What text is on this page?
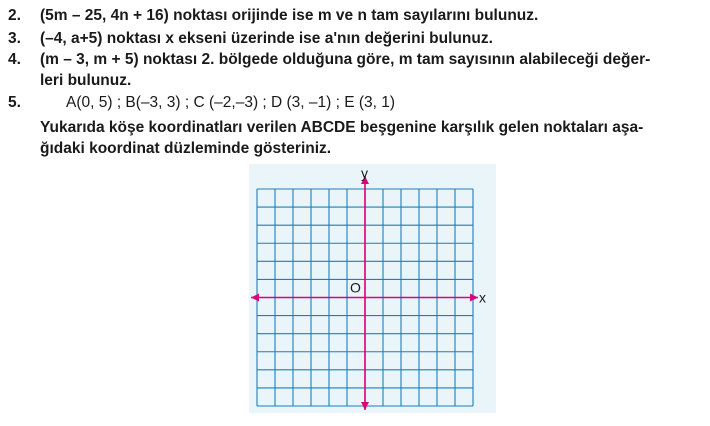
2. (5m – 25, 4n + 16) noktası orijinde ise m ve n tam sayılarını bulunuz.
3. (–4, a+5) noktası x ekseni üzerinde ise a'nın değerini bulunuz.
4. (m – 3, m + 5) noktası 2. bölgede olduğuna göre, m tam sayısının alabileceği değer-
leri bulunuz.
5.	A(0, 5) ; B(–3, 3) ; C (–2,–3) ; D (3, –1) ; E (3, 1)
Yukarıda köşe koordinatları verilen ABCDE beşgenine karşılık gelen noktaları aşa-
ğıdaki koordinat düzleminde gösteriniz.
x
y
O
